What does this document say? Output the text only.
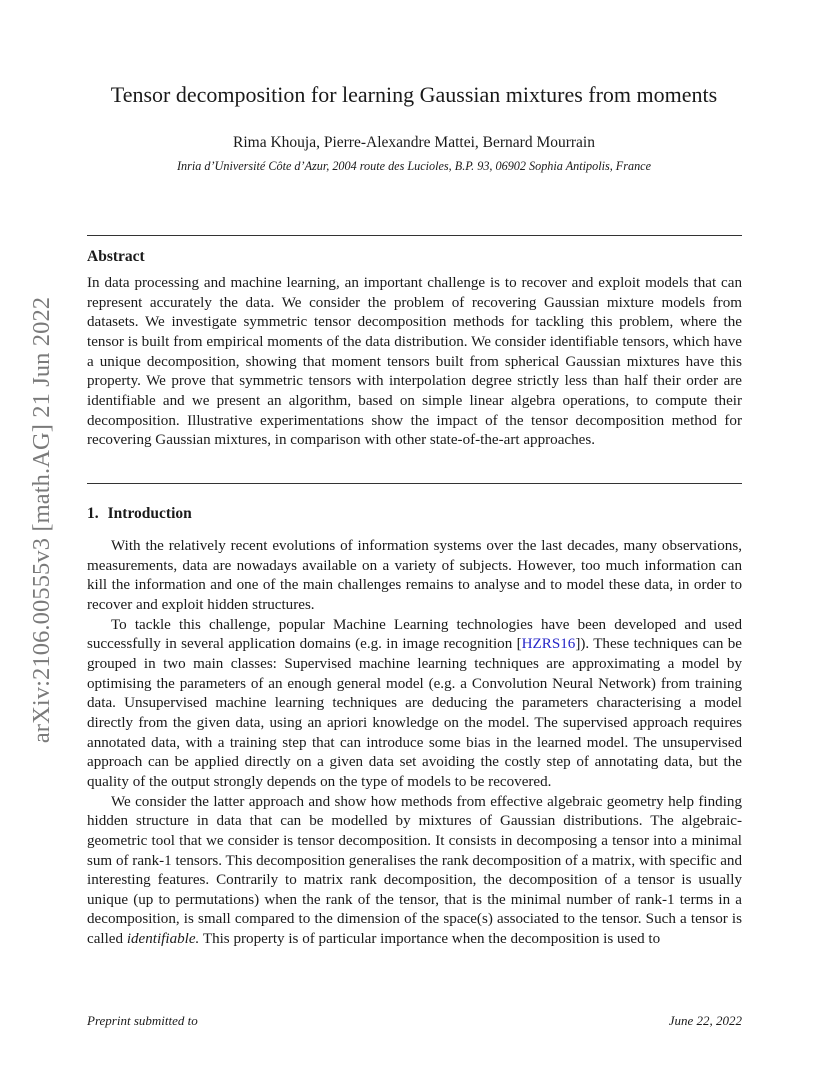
arXiv:2106.00555v3 [math.AG] 21 Jun 2022
Tensor decomposition for learning Gaussian mixtures from moments
Rima Khouja, Pierre-Alexandre Mattei, Bernard Mourrain
Inria d’Université Côte d’Azur, 2004 route des Lucioles, B.P. 93, 06902 Sophia Antipolis, France
Abstract

In data processing and machine learning, an important challenge is to recover and exploit models that can represent accurately the data. We consider the problem of recovering Gaussian mixture models from datasets. We investigate symmetric tensor decomposition methods for tackling this problem, where the tensor is built from empirical moments of the data distribution. We consider identifiable tensors, which have a unique decomposition, showing that moment tensors built from spherical Gaussian mixtures have this property. We prove that symmetric tensors with interpolation degree strictly less than half their order are identifiable and we present an algorithm, based on simple linear algebra operations, to compute their decomposition. Illustrative experimentations show the impact of the tensor decomposition method for recovering Gaussian mixtures, in comparison with other state-of-the-art approaches.

1. Introduction

With the relatively recent evolutions of information systems over the last decades, many observations, measurements, data are nowadays available on a variety of subjects. However, too much information can kill the information and one of the main challenges remains to analyse and to model these data, in order to recover and exploit hidden structures.

To tackle this challenge, popular Machine Learning technologies have been developed and used successfully in several application domains (e.g. in image recognition [HZRS16]). These techniques can be grouped in two main classes: Supervised machine learning techniques are approximating a model by optimising the parameters of an enough general model (e.g. a Convolution Neural Network) from training data. Unsupervised machine learning techniques are deducing the parameters characterising a model directly from the given data, using an apriori knowledge on the model. The supervised approach requires annotated data, with a training step that can introduce some bias in the learned model. The unsupervised approach can be applied directly on a given data set avoiding the costly step of annotating data, but the quality of the output strongly depends on the type of models to be recovered.

We consider the latter approach and show how methods from effective algebraic geometry help finding hidden structure in data that can be modelled by mixtures of Gaussian distributions. The algebraic-geometric tool that we consider is tensor decomposition. It consists in decomposing a tensor into a minimal sum of rank-1 tensors. This decomposition generalises the rank decomposition of a matrix, with specific and interesting features. Contrarily to matrix rank decomposition, the decomposition of a tensor is usually unique (up to permutations) when the rank of the tensor, that is the minimal number of rank-1 terms in a decomposition, is small compared to the dimension of the space(s) associated to the tensor. Such a tensor is called identifiable. This property is of particular importance when the decomposition is used to

Preprint submitted to	June 22, 2022
